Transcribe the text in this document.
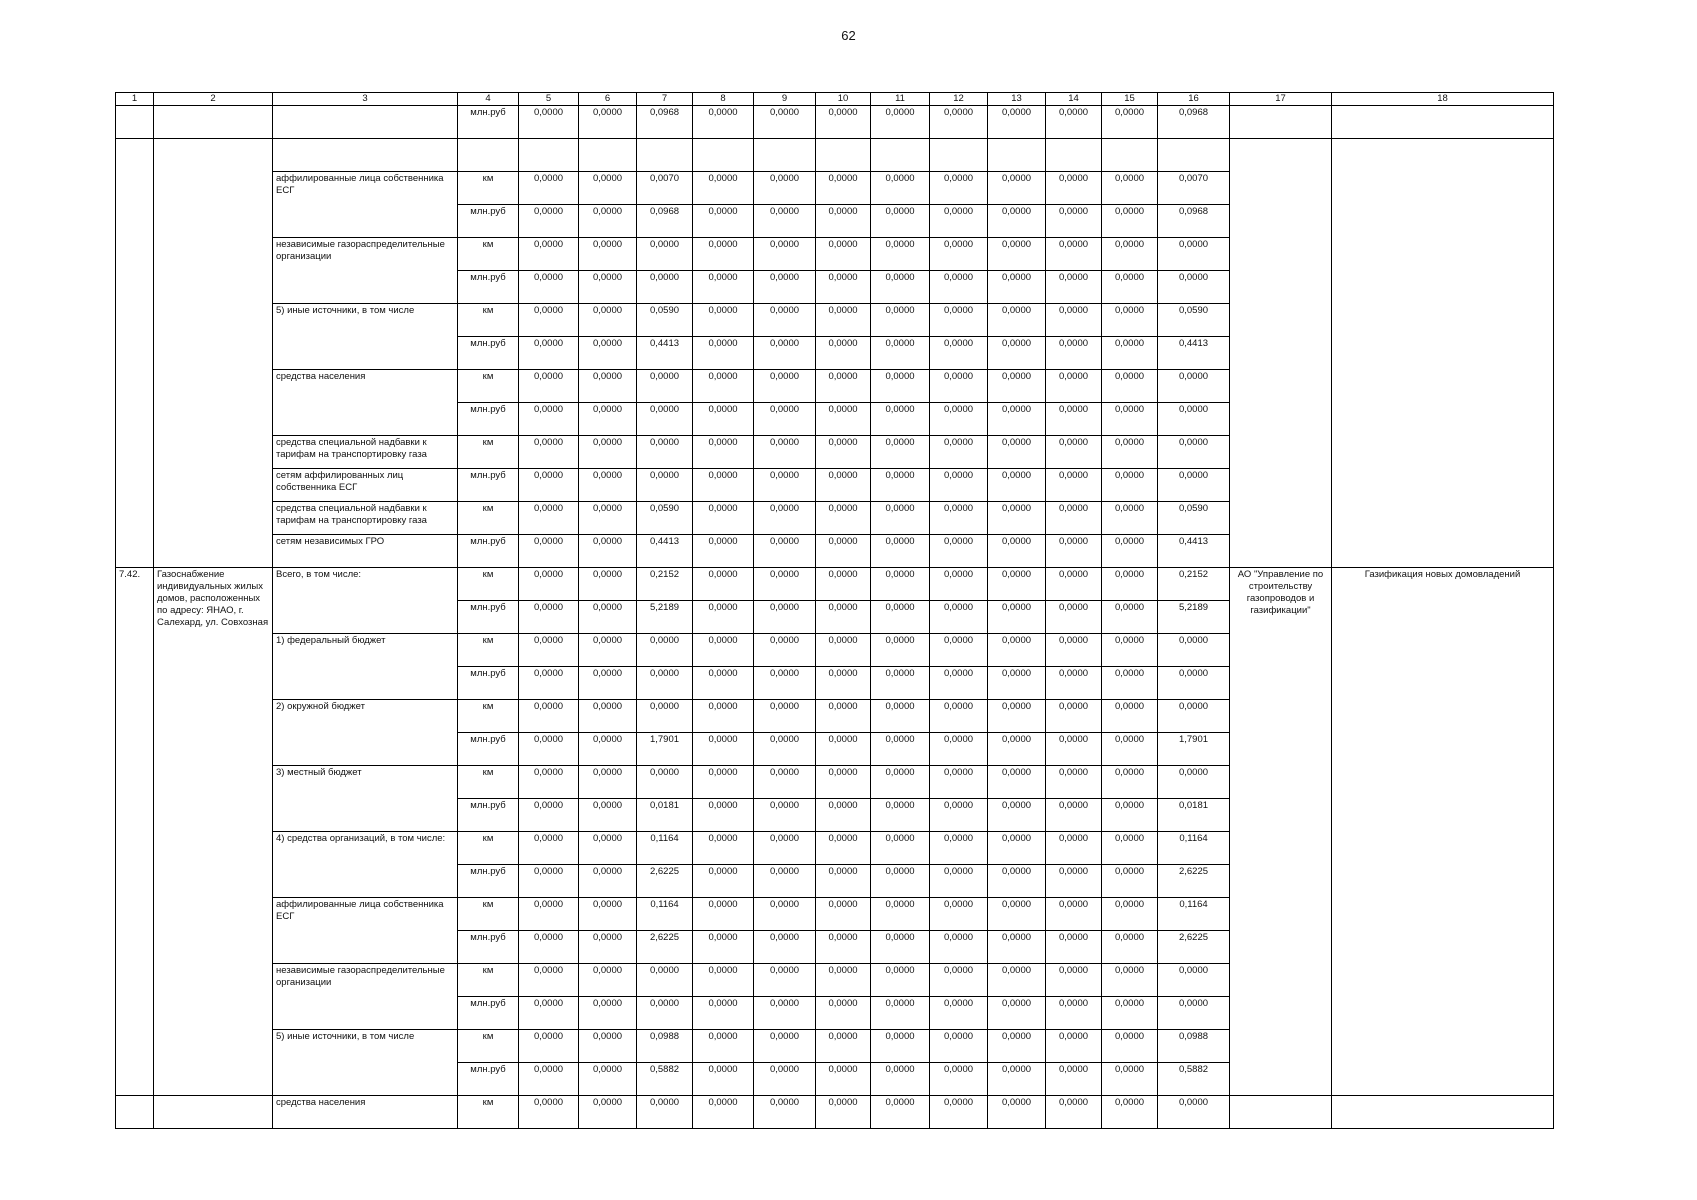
62
1	2	3	4	5	6	7	8	9	10	11	12	13	14	15	16	17	18
			млн.руб	0,0000	0,0000	0,0968	0,0000	0,0000	0,0000	0,0000	0,0000	0,0000	0,0000	0,0000	0,0968		

		аффилированные лица собственника ЕСГ	км	0,0000	0,0000	0,0070	0,0000	0,0000	0,0000	0,0000	0,0000	0,0000	0,0000	0,0000	0,0070		
			млн.руб	0,0000	0,0000	0,0968	0,0000	0,0000	0,0000	0,0000	0,0000	0,0000	0,0000	0,0000	0,0968		
		независимые газораспределительные организации	км	0,0000	0,0000	0,0000	0,0000	0,0000	0,0000	0,0000	0,0000	0,0000	0,0000	0,0000	0,0000		
			млн.руб	0,0000	0,0000	0,0000	0,0000	0,0000	0,0000	0,0000	0,0000	0,0000	0,0000	0,0000	0,0000		
		5) иные источники, в том числе	км	0,0000	0,0000	0,0590	0,0000	0,0000	0,0000	0,0000	0,0000	0,0000	0,0000	0,0000	0,0590		
			млн.руб	0,0000	0,0000	0,4413	0,0000	0,0000	0,0000	0,0000	0,0000	0,0000	0,0000	0,0000	0,4413		
		средства населения	км	0,0000	0,0000	0,0000	0,0000	0,0000	0,0000	0,0000	0,0000	0,0000	0,0000	0,0000	0,0000		
			млн.руб	0,0000	0,0000	0,0000	0,0000	0,0000	0,0000	0,0000	0,0000	0,0000	0,0000	0,0000	0,0000		
		средства специальной надбавки к тарифам на транспортировку газа	км	0,0000	0,0000	0,0000	0,0000	0,0000	0,0000	0,0000	0,0000	0,0000	0,0000	0,0000	0,0000		
		сетям аффилированных лиц собственника ЕСГ	млн.руб	0,0000	0,0000	0,0000	0,0000	0,0000	0,0000	0,0000	0,0000	0,0000	0,0000	0,0000	0,0000		
		средства специальной надбавки к тарифам на транспортировку газа	км	0,0000	0,0000	0,0590	0,0000	0,0000	0,0000	0,0000	0,0000	0,0000	0,0000	0,0000	0,0590		
		сетям независимых ГРО	млн.руб	0,0000	0,0000	0,4413	0,0000	0,0000	0,0000	0,0000	0,0000	0,0000	0,0000	0,0000	0,4413		
7.42.	Газоснабжение индивидуальных жилых домов, расположенных по адресу: ЯНАО, г. Салехард, ул. Совхозная	Всего, в том числе:	км	0,0000	0,0000	0,2152	0,0000	0,0000	0,0000	0,0000	0,0000	0,0000	0,0000	0,0000	0,2152	АО "Управление по строительству газопроводов и газификации"	Газификация новых домовладений
			млн.руб	0,0000	0,0000	5,2189	0,0000	0,0000	0,0000	0,0000	0,0000	0,0000	0,0000	0,0000	5,2189		
		1) федеральный бюджет	км	0,0000	0,0000	0,0000	0,0000	0,0000	0,0000	0,0000	0,0000	0,0000	0,0000	0,0000	0,0000		
			млн.руб	0,0000	0,0000	0,0000	0,0000	0,0000	0,0000	0,0000	0,0000	0,0000	0,0000	0,0000	0,0000		
		2) окружной бюджет	км	0,0000	0,0000	0,0000	0,0000	0,0000	0,0000	0,0000	0,0000	0,0000	0,0000	0,0000	0,0000		
			млн.руб	0,0000	0,0000	1,7901	0,0000	0,0000	0,0000	0,0000	0,0000	0,0000	0,0000	0,0000	1,7901		
		3) местный бюджет	км	0,0000	0,0000	0,0000	0,0000	0,0000	0,0000	0,0000	0,0000	0,0000	0,0000	0,0000	0,0000		
			млн.руб	0,0000	0,0000	0,0181	0,0000	0,0000	0,0000	0,0000	0,0000	0,0000	0,0000	0,0000	0,0181		
		4) средства организаций, в том числе:	км	0,0000	0,0000	0,1164	0,0000	0,0000	0,0000	0,0000	0,0000	0,0000	0,0000	0,0000	0,1164		
			млн.руб	0,0000	0,0000	2,6225	0,0000	0,0000	0,0000	0,0000	0,0000	0,0000	0,0000	0,0000	2,6225		
		аффилированные лица собственника ЕСГ	км	0,0000	0,0000	0,1164	0,0000	0,0000	0,0000	0,0000	0,0000	0,0000	0,0000	0,0000	0,1164		
			млн.руб	0,0000	0,0000	2,6225	0,0000	0,0000	0,0000	0,0000	0,0000	0,0000	0,0000	0,0000	2,6225		
		независимые газораспределительные организации	км	0,0000	0,0000	0,0000	0,0000	0,0000	0,0000	0,0000	0,0000	0,0000	0,0000	0,0000	0,0000		
			млн.руб	0,0000	0,0000	0,0000	0,0000	0,0000	0,0000	0,0000	0,0000	0,0000	0,0000	0,0000	0,0000		
		5) иные источники, в том числе	км	0,0000	0,0000	0,0988	0,0000	0,0000	0,0000	0,0000	0,0000	0,0000	0,0000	0,0000	0,0988		
			млн.руб	0,0000	0,0000	0,5882	0,0000	0,0000	0,0000	0,0000	0,0000	0,0000	0,0000	0,0000	0,5882		
		средства населения	км	0,0000	0,0000	0,0000	0,0000	0,0000	0,0000	0,0000	0,0000	0,0000	0,0000	0,0000	0,0000		
